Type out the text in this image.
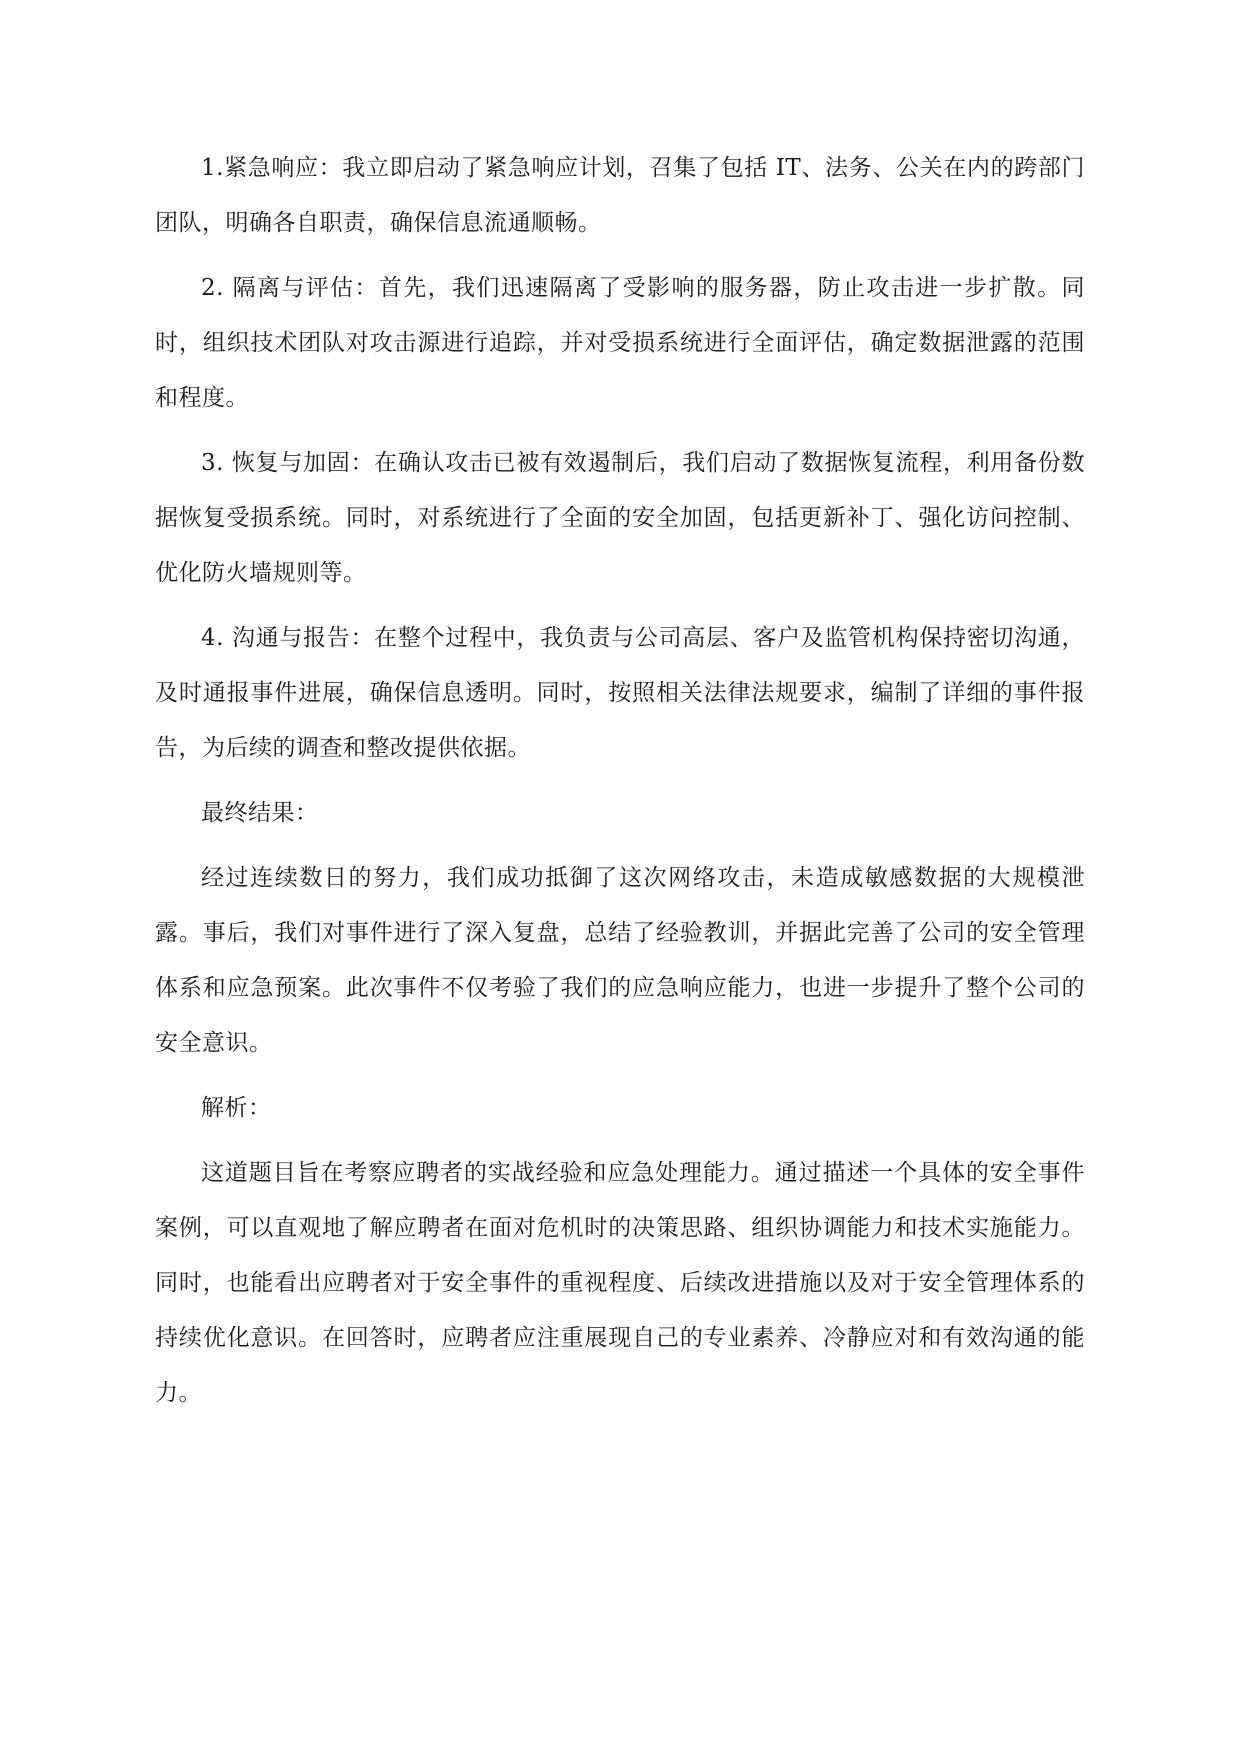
1.紧急响应：我立即启动了紧急响应计划，召集了包括 IT、法务、公关在内的跨部门团队，明确各自职责，确保信息流通顺畅。

2. 隔离与评估：首先，我们迅速隔离了受影响的服务器，防止攻击进一步扩散。同时，组织技术团队对攻击源进行追踪，并对受损系统进行全面评估，确定数据泄露的范围和程度。

3. 恢复与加固：在确认攻击已被有效遏制后，我们启动了数据恢复流程，利用备份数据恢复受损系统。同时，对系统进行了全面的安全加固，包括更新补丁、强化访问控制、优化防火墙规则等。

4. 沟通与报告：在整个过程中，我负责与公司高层、客户及监管机构保持密切沟通，及时通报事件进展，确保信息透明。同时，按照相关法律法规要求，编制了详细的事件报告，为后续的调查和整改提供依据。

最终结果：

经过连续数日的努力，我们成功抵御了这次网络攻击，未造成敏感数据的大规模泄露。事后，我们对事件进行了深入复盘，总结了经验教训，并据此完善了公司的安全管理体系和应急预案。此次事件不仅考验了我们的应急响应能力，也进一步提升了整个公司的安全意识。

解析：

这道题目旨在考察应聘者的实战经验和应急处理能力。通过描述一个具体的安全事件案例，可以直观地了解应聘者在面对危机时的决策思路、组织协调能力和技术实施能力。同时，也能看出应聘者对于安全事件的重视程度、后续改进措施以及对于安全管理体系的持续优化意识。在回答时，应聘者应注重展现自己的专业素养、冷静应对和有效沟通的能力。
